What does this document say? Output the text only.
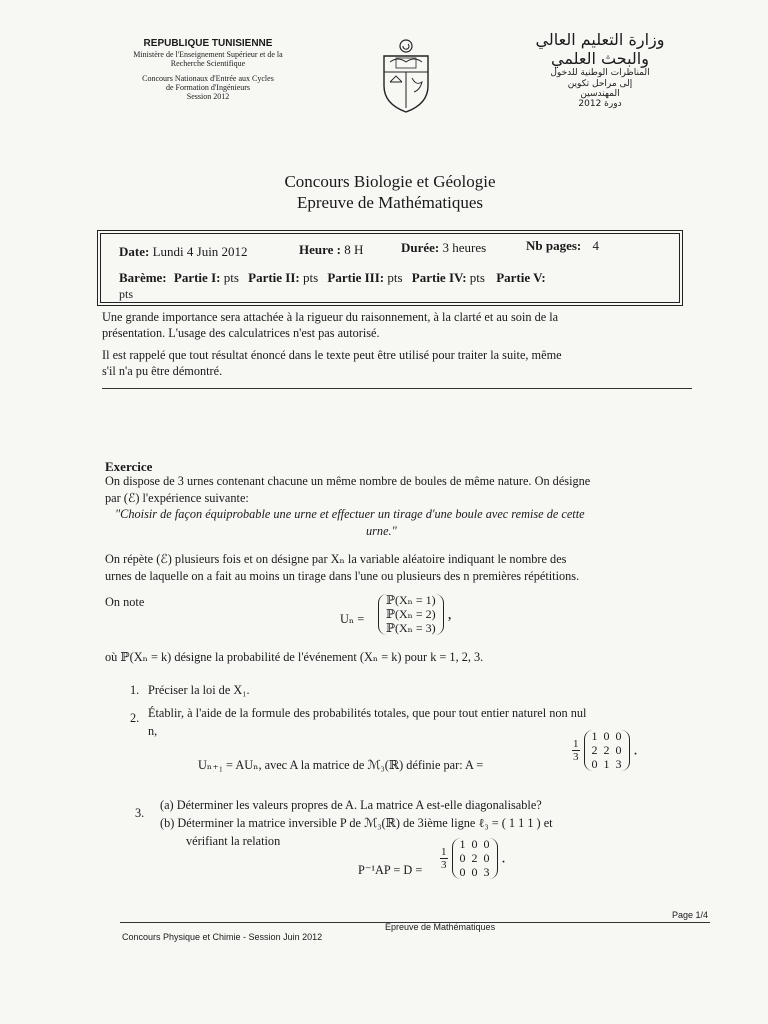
REPUBLIQUE TUNISIENNE
Ministère de l'Enseignement Supérieur et de la
Recherche Scientifique
Concours Nationaux d'Entrée aux Cycles
de Formation d'Ingénieurs
Session 2012
وزارة التعليم العالي
والبحث العلمي
المناظرات الوطنية للدخول
إلى مراحل تكوين
المهندسين
دورة 2012
Concours Biologie et Géologie
Epreuve de Mathématiques
Date: Lundi 4 Juin 2012	Heure : 8 H	Durée: 3 heures	Nb pages: 4
Barème: Partie I: pts Partie II: pts Partie III: pts Partie IV: pts Partie V:
pts
Une grande importance sera attachée à la rigueur du raisonnement, à la clarté et au soin de la
présentation. L'usage des calculatrices n'est pas autorisé.
Il est rappelé que tout résultat énoncé dans le texte peut être utilisé pour traiter la suite, même
s'il n'a pu être démontré.
Exercice
On dispose de 3 urnes contenant chacune un même nombre de boules de même nature. On désigne
par (ℰ) l'expérience suivante:
"Choisir de façon équiprobable une urne et effectuer un tirage d'une boule avec remise de cette
urne."
On répète (ℰ) plusieurs fois et on désigne par Xₙ la variable aléatoire indiquant le nombre des
urnes de laquelle on a fait au moins un tirage dans l'une ou plusieurs des n premières répétitions.
On note
Uₙ =
ℙ(Xₙ = 1)
ℙ(Xₙ = 2)
ℙ(Xₙ = 3)
,
où ℙ(Xₙ = k) désigne la probabilité de l'événement (Xₙ = k) pour k = 1, 2, 3.
1. Préciser la loi de X₁.
2. Établir, à l'aide de la formule des probabilités totales, que pour tout entier naturel non nul
n,
Uₙ₊₁ = AUₙ, avec A la matrice de ℳ₃(ℝ) définie par: A =
$\frac{1}{3}$

1	0	0
2	2	0
0	1	3
.
3.
(a) Déterminer les valeurs propres de A. La matrice A est-elle diagonalisable?
(b) Déterminer la matrice inversible P de ℳ₃(ℝ) de 3ième ligne ℓ₃ = ( 1 1 1 ) et
vérifiant la relation
$P^{-1}AP = D = \frac{1}{3}$

1	0	0
0	2	0
0	0	3
.
Concours Physique et Chimie - Session Juin 2012
Épreuve de Mathématiques
Page 1/4
